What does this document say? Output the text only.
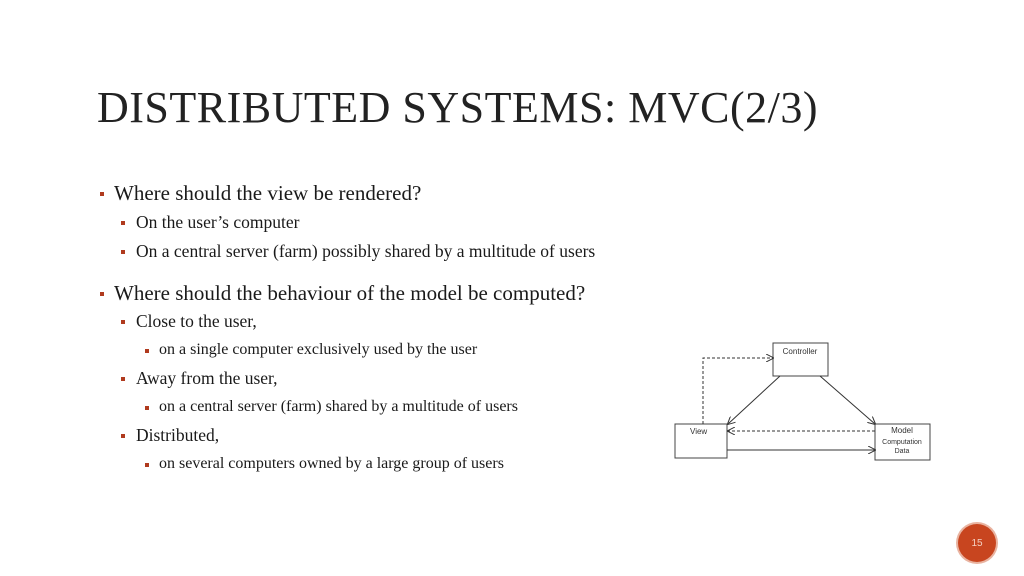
DISTRIBUTED SYSTEMS: MVC(2/3)
Where should the view be rendered?
On the user’s computer
On a central server (farm) possibly shared by a multitude of users
Where should the behaviour of the model be computed?
Close to the user,
on a single computer exclusively used by the user
Away from the user,
on a central server (farm) shared by a multitude of users
Distributed,
on several computers owned by a large group of users
Controller
View	Model
Computation
Data
15
